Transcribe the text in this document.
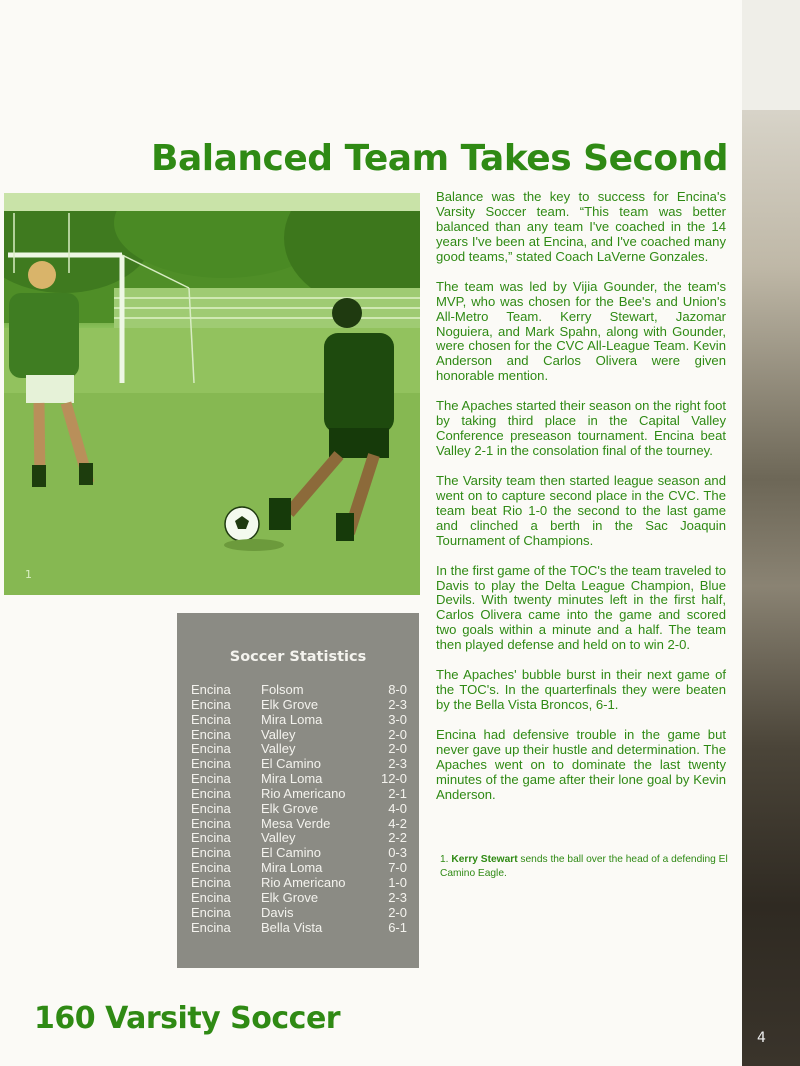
4
Balanced Team Takes Second
1

Balance was the key to success for Encina's Varsity Soccer team. “This team was better balanced than any team I've coached in the 14 years I've been at Encina, and I've coached many good teams,” stated Coach LaVerne Gonzales.

The team was led by Vijia Gounder, the team's MVP, who was chosen for the Bee's and Union's All-Metro Team. Kerry Stewart, Jazomar Noguiera, and Mark Spahn, along with Gounder, were chosen for the CVC All-League Team. Kevin Anderson and Carlos Olivera were given honorable mention.

The Apaches started their season on the right foot by taking third place in the Capital Valley Conference preseason tournament. Encina beat Valley 2-1 in the consolation final of the tourney.

The Varsity team then started league season and went on to capture second place in the CVC. The team beat Rio 1-0 the second to the last game and clinched a berth in the Sac Joaquin Tournament of Champions.

In the first game of the TOC's the team traveled to Davis to play the Delta League Champion, Blue Devils. With twenty minutes left in the first half, Carlos Olivera came into the game and scored two goals within a minute and a half. The team then played defense and held on to win 2-0.

The Apaches' bubble burst in their next game of the TOC's. In the quarterfinals they were beaten by the Bella Vista Broncos, 6-1.

Encina had defensive trouble in the game but never gave up their hustle and determination. The Apaches went on to dominate the last twenty minutes of the game after their lone goal by Kevin Anderson.

1. Kerry Stewart sends the ball over the head of a defending El Camino Eagle.
Soccer Statistics
Encina Folsom	8-0
Encina Elk Grove	2-3
Encina Mira Loma	3-0
Encina Valley	2-0
Encina Valley	2-0
Encina El Camino	2-3
Encina Mira Loma	12-0
Encina Rio Americano	2-1
Encina Elk Grove	4-0
Encina Mesa Verde	4-2
Encina Valley	2-2
Encina El Camino	0-3
Encina Mira Loma	7-0
Encina Rio Americano	1-0
Encina Elk Grove	2-3
Encina Davis	2-0
Encina Bella Vista	6-1
160 Varsity Soccer
